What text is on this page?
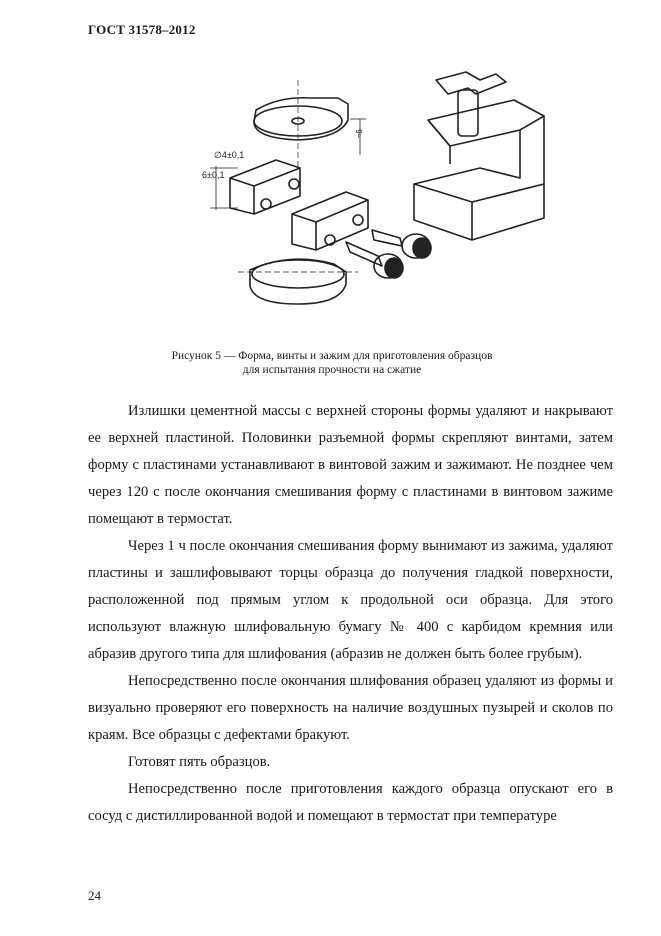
ГОСТ 31578–2012
∅4±0,1
6±0,1
≈6
Рисунок 5 — Форма, винты и зажим для приготовления образцов
для испытания прочности на сжатие

Излишки цементной массы с верхней стороны формы удаляют и накрывают ее верхней пластиной. Половинки разъемной формы скрепляют винтами, затем форму с пластинами устанавливают в винтовой зажим и зажимают. Не позднее чем через 120 с после окончания смешивания форму с пластинами в винтовом зажиме помещают в термостат.

Через 1 ч после окончания смешивания форму вынимают из зажима, удаляют пластины и зашлифовывают торцы образца до получения гладкой поверхности, расположенной под прямым углом к продольной оси образца. Для этого используют влажную шлифовальную бумагу № 400 с карбидом кремния или абразив другого типа для шлифования (абразив не должен быть более грубым).

Непосредственно после окончания шлифования образец удаляют из формы и визуально проверяют его поверхность на наличие воздушных пузырей и сколов по краям. Все образцы с дефектами бракуют.

Готовят пять образцов.

Непосредственно после приготовления каждого образца опускают его в сосуд с дистиллированной водой и помещают в термостат при температуре

24
